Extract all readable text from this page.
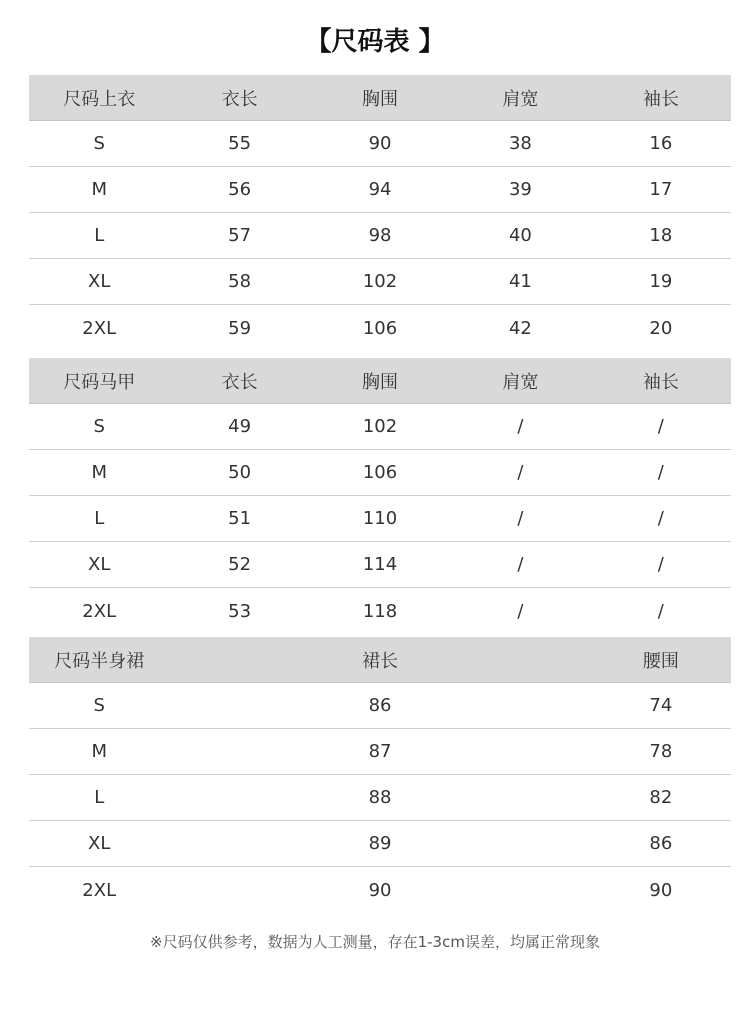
【尺码表 】
尺码上衣	衣长	胸围	肩宽	袖长
S	55	90	38	16
M	56	94	39	17
L	57	98	40	18
XL	58	102	41	19
2XL	59	106	42	20
尺码马甲	衣长	胸围	肩宽	袖长
S	49	102	/	/
M	50	106	/	/
L	51	110	/	/
XL	52	114	/	/
2XL	53	118	/	/
尺码半身裙	裙长	腰围
S	86	74
M	87	78
L	88	82
XL	89	86
2XL	90	90
※尺码仅供参考，数据为人工测量，存在1-3cm误差，均属正常现象
